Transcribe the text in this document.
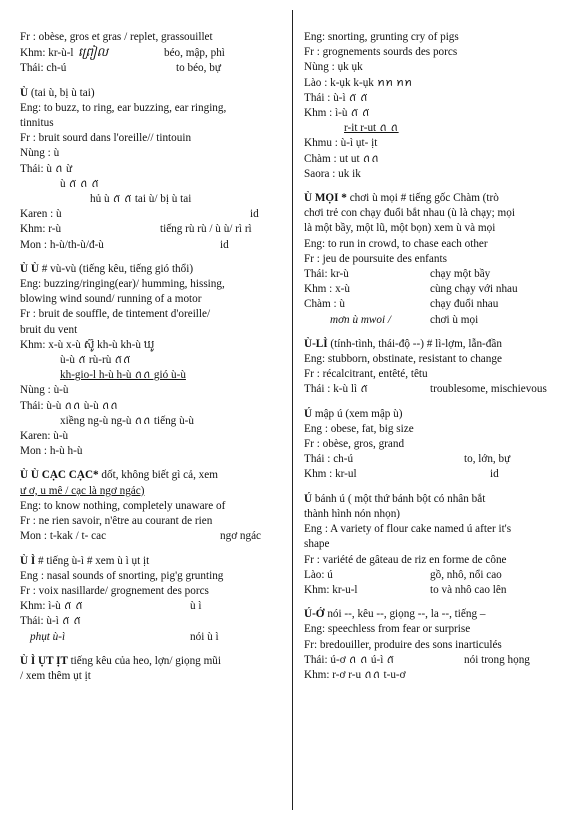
Fr : obèse, gros et gras / replet, grassouillet
Khm: kr-ù-l ព្រៀល	béo, mập, phì
Thái: ch-ú	to béo, bự
Ù (tai ù, bị ù tai)
Eng: to buzz, to ring, ear buzzing, ear ringing,
tinnitus
Fr : bruit sourd dans l'oreille// tintouin
Nùng : ù
Thái: ù ꪒ ừ
ù ꪒ̈ ꪒ ꪒ̈
hủ ù ꪒ̈ ꪒ̈ tai ù/ bị ù tai
Karen : ù	id
Khm: r-ù	tiếng rù rù / ù ù/ rì rì
Mon : h-ù/th-ù/đ-ù	id
Ù Ù # vù-vù (tiếng kêu, tiếng gió thổi)
Eng: buzzing/ringing(ear)/ humming, hissing,
blowing wind sound/ running of a motor
Fr : bruit de souffle, de tintement d'oreille/
bruit du vent
Khm: x-ù x-ù ស៊ូ kh-ù kh-ù ឃូ
ù-ù ꪒ̈ rù-rù ꪒ̈ꪒ̈
kh-gio-l h-ù h-ù ꪒꪒ gió ù-ù
Nùng : ù-ù
Thái: ù-ù ꪒꪒ ù-ù ꪒꪒ
xiềng ng-ù ng-ù ꪒꪒ tiếng ù-ù
Karen: ù-ù
Mon : h-ù h-ù
Ù Ù CẠC CẠC* dốt, không biết gì cả, xem
ư ơ, u mê / cạc là ngơ ngác)
Eng: to know nothing, completely unaware of
Fr : ne rien savoir, n'être au courant de rien
Mon : t-kak / t- cac	ngơ ngác
Ù Ì # tiếng ù-ì # xem ù ì ụt ịt
Eng : nasal sounds of snorting, pig'g grunting
Fr : voix nasillarde/ grognement des porcs
Khm: ì-ù ꪒ̈ ꪒ̈	ù ì
Thái: ù-ì ꪒ̈ ꪒ̈
phụt ù-ì	nói ù ì
Ù Ì ỤT ỊT tiếng kêu của heo, lợn/ giọng mũi
/ xem thêm ụt ịt
Eng: snorting, grunting cry of pigs
Fr : grognements sourds des porcs
Nùng : ụk ụk
Lào : k-ụk k-ụk ꪀꪀ ꪀꪀ
Thái : ù-ì ꪒ̈ ꪒ̈
Khm : ì-ù ꪒ̈ ꪒ̈
r-it r-ut ꪒ ꪒ
Khmu : ù-ì ụt- ịt
Chàm : ut ut ꪒꪒ
Saora : uk ik
Ù MỌI * chơi ù mọi # tiếng gốc Chàm (trò
chơi trẻ con chạy đuổi bắt nhau (ù là chạy; mọi
là một bầy, một lũ, một bọn) xem ù và mọi
Eng: to run in crowd, to chase each other
Fr : jeu de poursuite des enfants
Thái: kr-ù	chạy một bầy
Khm : x-ù	cùng chạy với nhau
Chàm : ù	chạy đuổi nhau
mơn ù mwoi /	chơi ù mọi
Ù-LÌ (tính-tình, thái-độ --) # lì-lợm, lẫn-đần
Eng: stubborn, obstinate, resistant to change
Fr : récalcitrant, entêté, têtu
Thái : k-ù lì ꪒ̈	troublesome, mischievous
Ú mập ú (xem mập ù)
Eng : obese, fat, big size
Fr : obèse, gros, grand
Thái : ch-ú	to, lớn, bự
Khm : kr-ul	id
Ú bánh ú ( một thứ bánh bột có nhân bắt
thành hình nón nhọn)
Eng : A variety of flour cake named ú after it's
shape
Fr : variété de gâteau de riz en forme de cône
Lào: ú	gồ, nhô, nổi cao
Khm: kr-u-l	to và nhô cao lên
Ú-Ớ nói --, kêu --, giọng --, la --, tiếng –
Eng: speechless from fear or surprise
Fr: bredouiller, produire des sons inarticulés
Thái: ú-ơ ꪒ ꪒ ú-ì ꪒ̈	nói trong họng
Khm: r-ơ r-u ꪒꪒ t-u-ơ
